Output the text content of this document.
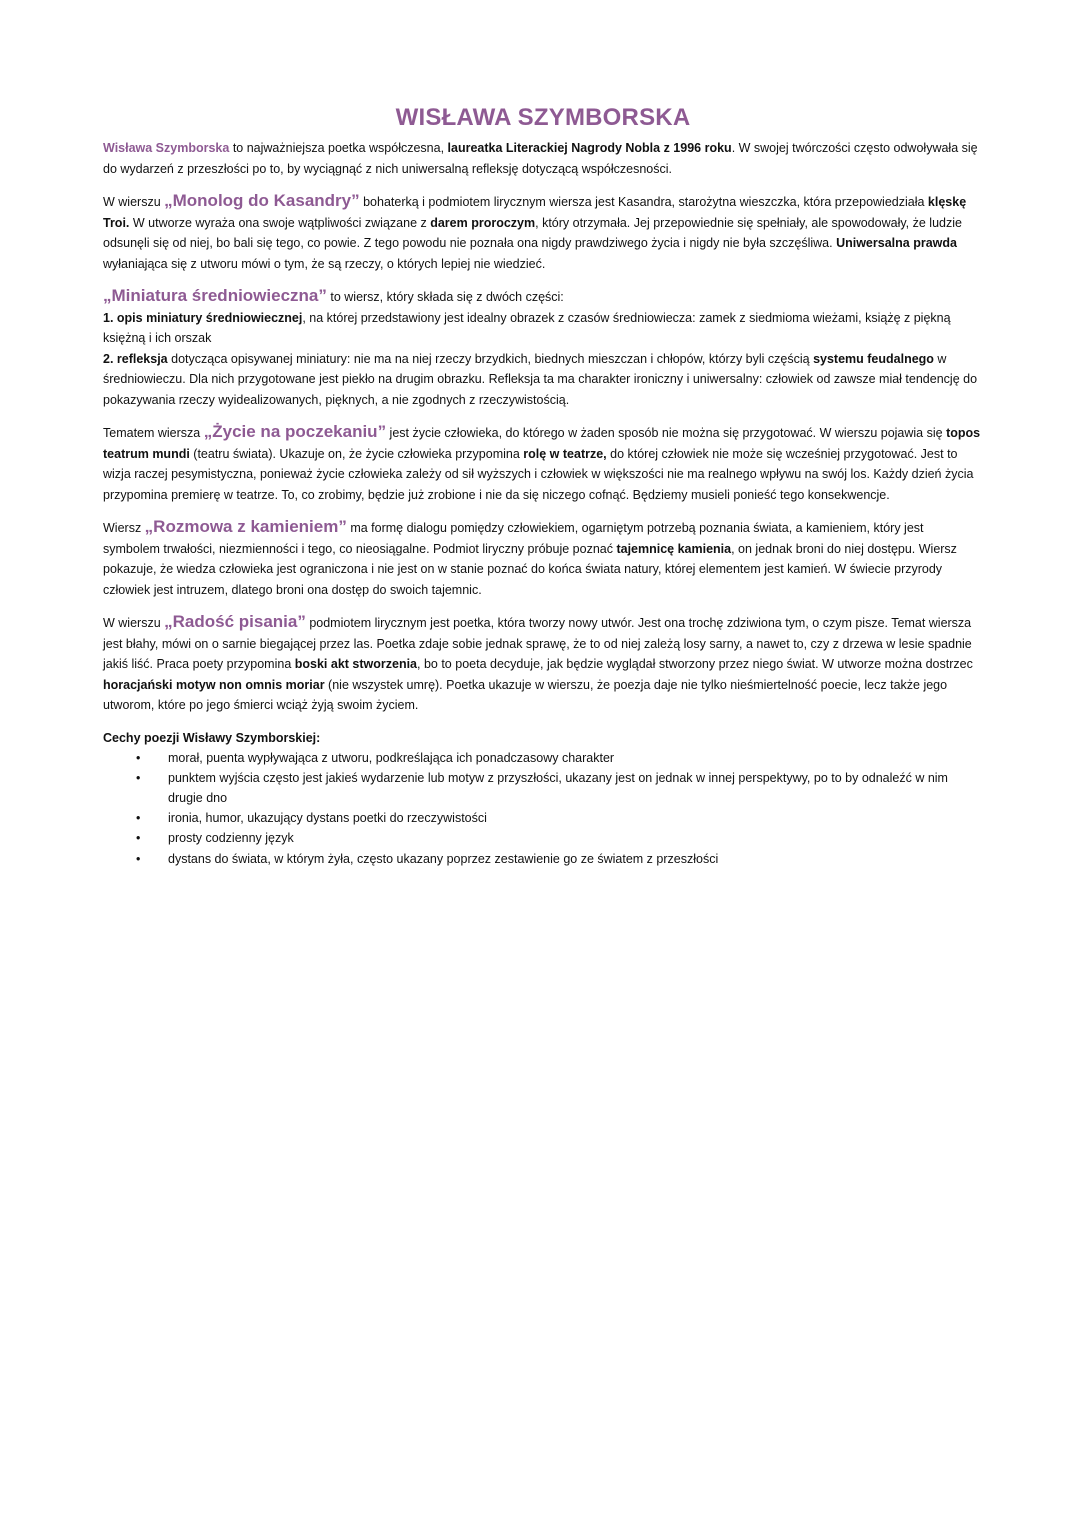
WISŁAWA SZYMBORSKA

Wisława Szymborska to najważniejsza poetka współczesna, laureatka Literackiej Nagrody Nobla z 1996 roku. W swojej twórczości często odwoływała się do wydarzeń z przeszłości po to, by wyciągnąć z nich uniwersalną refleksję dotyczącą współczesności.

W wierszu „Monolog do Kasandry” bohaterką i podmiotem lirycznym wiersza jest Kasandra, starożytna wieszczka, która przepowiedziała klęskę Troi. W utworze wyraża ona swoje wątpliwości związane z darem proroczym, który otrzymała. Jej przepowiednie się spełniały, ale spowodowały, że ludzie odsunęli się od niej, bo bali się tego, co powie. Z tego powodu nie poznała ona nigdy prawdziwego życia i nigdy nie była szczęśliwa. Uniwersalna prawda wyłaniająca się z utworu mówi o tym, że są rzeczy, o których lepiej nie wiedzieć.

„Miniatura średniowieczna” to wiersz, który składa się z dwóch części:
1. opis miniatury średniowiecznej, na której przedstawiony jest idealny obrazek z czasów średniowiecza: zamek z siedmioma wieżami, książę z piękną księżną i ich orszak
2. refleksja dotycząca opisywanej miniatury: nie ma na niej rzeczy brzydkich, biednych mieszczan i chłopów, którzy byli częścią systemu feudalnego w średniowieczu. Dla nich przygotowane jest piekło na drugim obrazku. Refleksja ta ma charakter ironiczny i uniwersalny: człowiek od zawsze miał tendencję do pokazywania rzeczy wyidealizowanych, pięknych, a nie zgodnych z rzeczywistością.

Tematem wiersza „Życie na poczekaniu” jest życie człowieka, do którego w żaden sposób nie można się przygotować. W wierszu pojawia się topos teatrum mundi (teatru świata). Ukazuje on, że życie człowieka przypomina rolę w teatrze, do której człowiek nie może się wcześniej przygotować. Jest to wizja raczej pesymistyczna, ponieważ życie człowieka zależy od sił wyższych i człowiek w większości nie ma realnego wpływu na swój los. Każdy dzień życia przypomina premierę w teatrze. To, co zrobimy, będzie już zrobione i nie da się niczego cofnąć. Będziemy musieli ponieść tego konsekwencje.

Wiersz „Rozmowa z kamieniem” ma formę dialogu pomiędzy człowiekiem, ogarniętym potrzebą poznania świata, a kamieniem, który jest symbolem trwałości, niezmienności i tego, co nieosiągalne. Podmiot liryczny próbuje poznać tajemnicę kamienia, on jednak broni do niej dostępu. Wiersz pokazuje, że wiedza człowieka jest ograniczona i nie jest on w stanie poznać do końca świata natury, której elementem jest kamień. W świecie przyrody człowiek jest intruzem, dlatego broni ona dostęp do swoich tajemnic.

W wierszu „Radość pisania” podmiotem lirycznym jest poetka, która tworzy nowy utwór. Jest ona trochę zdziwiona tym, o czym pisze. Temat wiersza jest błahy, mówi on o sarnie biegającej przez las. Poetka zdaje sobie jednak sprawę, że to od niej zależą losy sarny, a nawet to, czy z drzewa w lesie spadnie jakiś liść. Praca poety przypomina boski akt stworzenia, bo to poeta decyduje, jak będzie wyglądał stworzony przez niego świat. W utworze można dostrzec horacjański motyw non omnis moriar (nie wszystek umrę). Poetka ukazuje w wierszu, że poezja daje nie tylko nieśmiertelność poecie, lecz także jego utworom, które po jego śmierci wciąż żyją swoim życiem.

Cechy poezji Wisławy Szymborskiej:

• morał, puenta wypływająca z utworu, podkreślająca ich ponadczasowy charakter
• punktem wyjścia często jest jakieś wydarzenie lub motyw z przyszłości, ukazany jest on jednak w innej perspektywy, po to by odnaleźć w nim drugie dno
• ironia, humor, ukazujący dystans poetki do rzeczywistości
• prosty codzienny język
• dystans do świata, w którym żyła, często ukazany poprzez zestawienie go ze światem z przeszłości
